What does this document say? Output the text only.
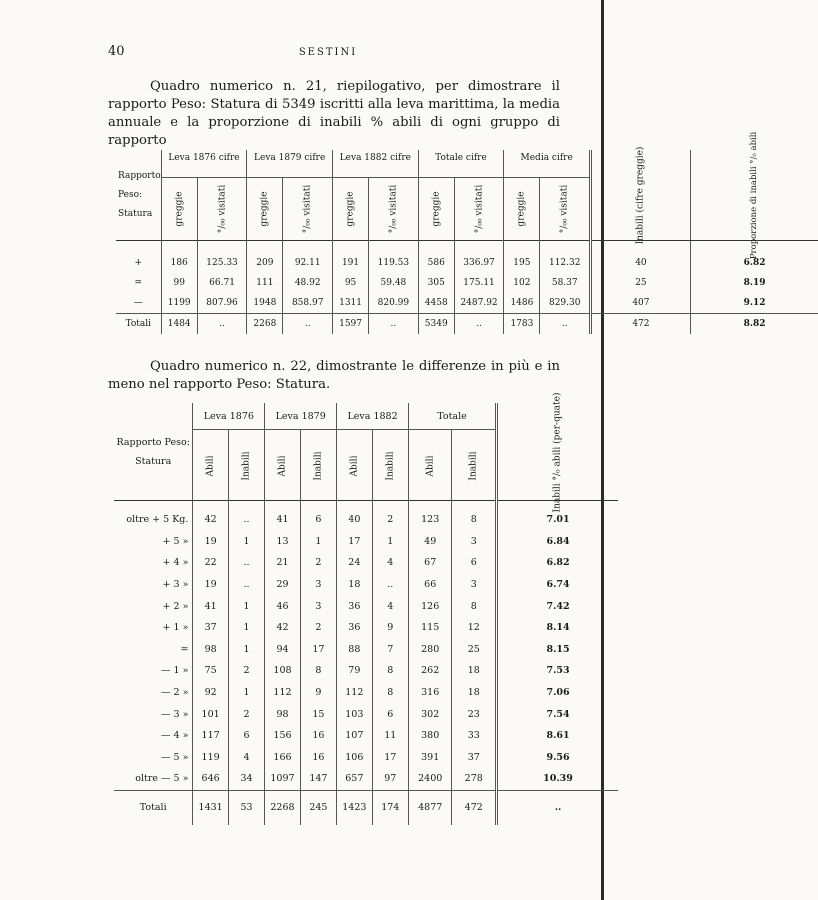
40	SESTINI

Quadro numerico n. 21, riepilogativo, per dimostrare il rapporto Peso: Statura di 5349 iscritti alla leva marittima, la media annuale e la proporzione di inabili % abili di ogni gruppo di rapporto

Rapporto Peso: Statura	Leva 1876 cifre		Leva 1879 cifre		Leva 1882 cifre		Totale cifre		Media cifre		Inabili (cifre greggie)	Proporzione di inabili °/₀ abili
	greggie	°/₀₀ visitati	greggie	°/₀₀ visitati	greggie	°/₀₀ visitati	greggie	°/₀₀ visitati	greggie	°/₀₀ visitati		

+	186	125.33	209	92.11	191	119.53	586	336.97	195	112.32	40	6.82
=	99	66.71	111	48.92	95	59.48	305	175.11	102	58.37	25	8.19
—	1199	807.96	1948	858.97	1311	820.99	4458	2487.92	1486	829.30	407	9.12
Totali	1484	..	2268	..	1597	..	5349	..	1783	..	472	8.82

Quadro numerico n. 22, dimostrante le differenze in più e in meno nel rapporto Peso: Statura.

Rapporto Peso: Statura	Leva 1876		Leva 1879		Leva 1882		Totale		Inabili °/₀ abili (per-quate)
	Abili	Inabili	Abili	Inabili	Abili	Inabili	Abili	Inabili	

oltre + 5 Kg.	42	..	41	6	40	2	123	8	7.01
+ 5 »	19	1	13	1	17	1	49	3	6.84
+ 4 »	22	..	21	2	24	4	67	6	6.82
+ 3 »	19	..	29	3	18	..	66	3	6.74
+ 2 »	41	1	46	3	36	4	126	8	7.42
+ 1 »	37	1	42	2	36	9	115	12	8.14
=	98	1	94	17	88	7	280	25	8.15
— 1 »	75	2	108	8	79	8	262	18	7.53
— 2 »	92	1	112	9	112	8	316	18	7.06
— 3 »	101	2	98	15	103	6	302	23	7.54
— 4 »	117	6	156	16	107	11	380	33	8.61
— 5 »	119	4	166	16	106	17	391	37	9.56
oltre — 5 »	646	34	1097	147	657	97	2400	278	10.39
Totali	1431	53	2268	245	1423	174	4877	472	..
